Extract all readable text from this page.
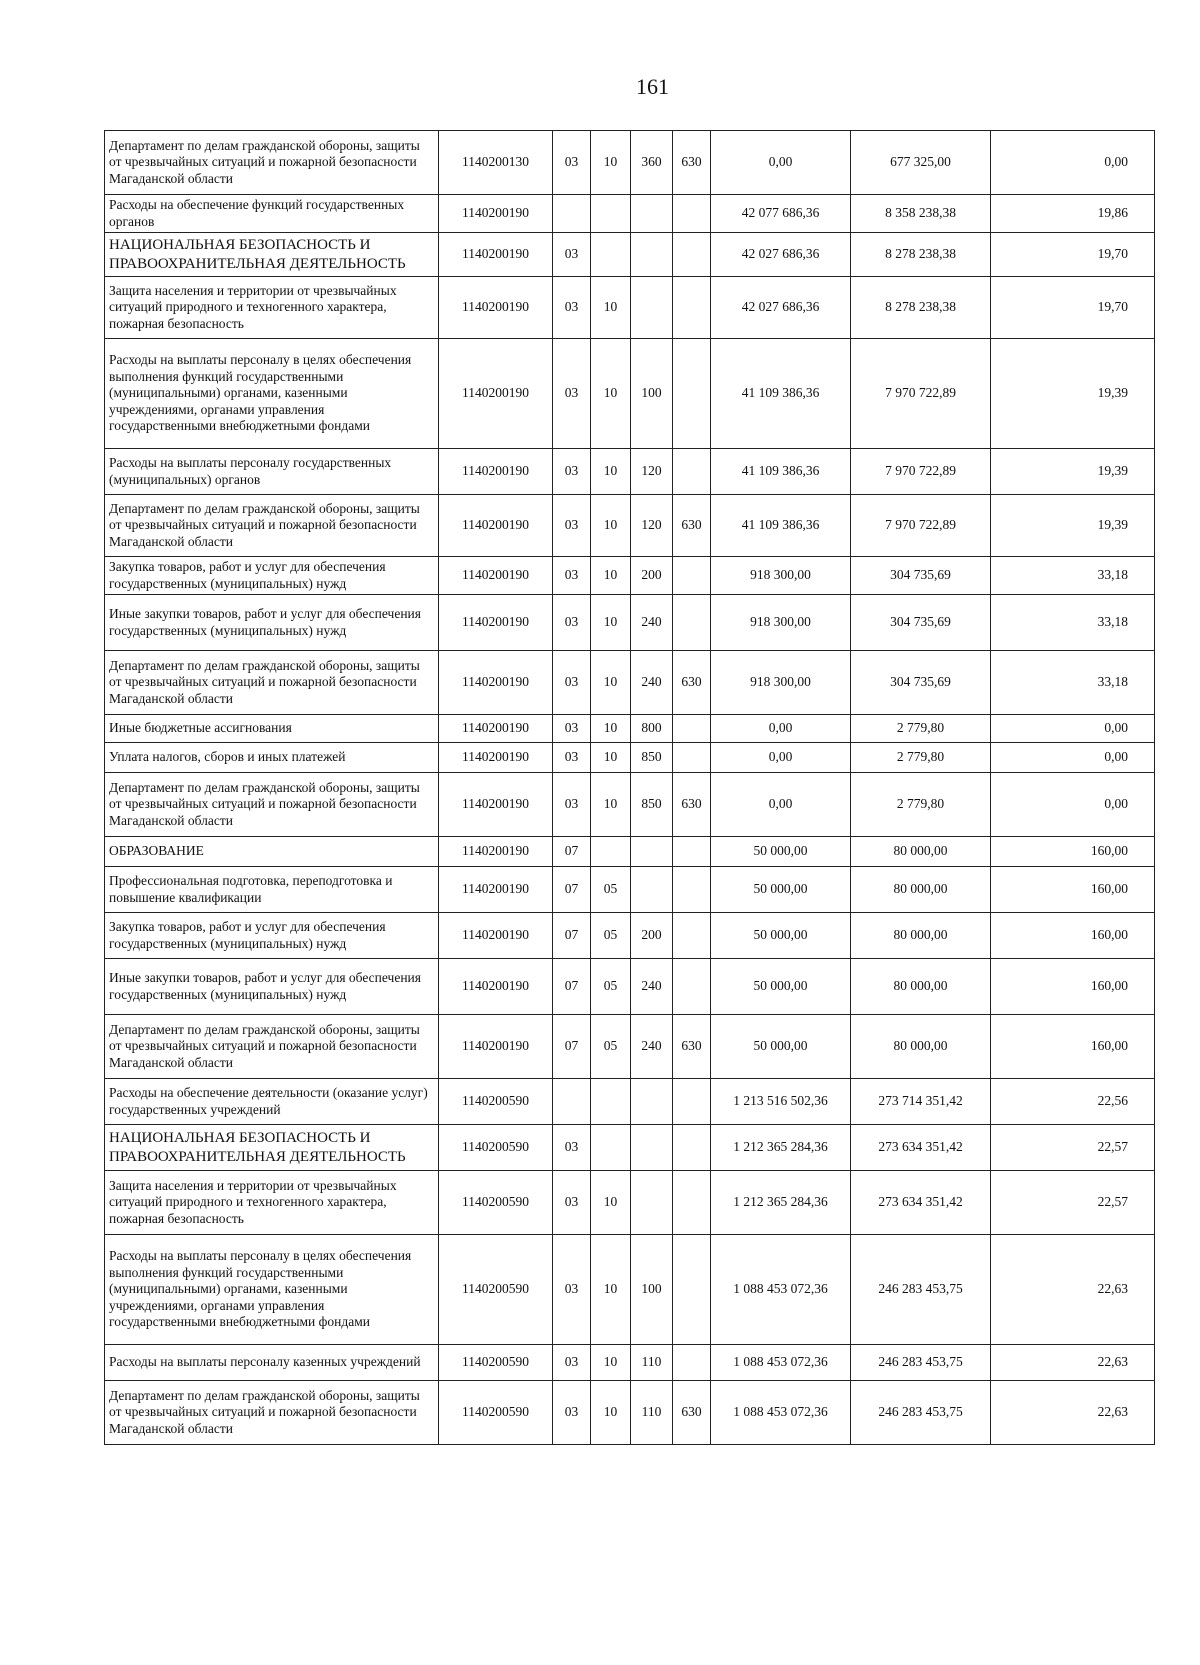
161
Департамент по делам гражданской обороны, защиты от чрезвычайных ситуаций и пожарной безопасности Магаданской области	1140200130	03	10	360	630	0,00	677 325,00	0,00
Расходы на обеспечение функций государственных органов	1140200190					42 077 686,36	8 358 238,38	19,86
НАЦИОНАЛЬНАЯ БЕЗОПАСНОСТЬ И ПРАВООХРАНИТЕЛЬНАЯ ДЕЯТЕЛЬНОСТЬ	1140200190	03				42 027 686,36	8 278 238,38	19,70
Защита населения и территории от чрезвычайных ситуаций природного и техногенного характера, пожарная безопасность	1140200190	03	10			42 027 686,36	8 278 238,38	19,70
Расходы на выплаты персоналу в целях обеспечения выполнения функций государственными (муниципальными) органами, казенными учреждениями, органами управления государственными внебюджетными фондами	1140200190	03	10	100		41 109 386,36	7 970 722,89	19,39
Расходы на выплаты персоналу государственных (муниципальных) органов	1140200190	03	10	120		41 109 386,36	7 970 722,89	19,39
Департамент по делам гражданской обороны, защиты от чрезвычайных ситуаций и пожарной безопасности Магаданской области	1140200190	03	10	120	630	41 109 386,36	7 970 722,89	19,39
Закупка товаров, работ и услуг для обеспечения государственных (муниципальных) нужд	1140200190	03	10	200		918 300,00	304 735,69	33,18
Иные закупки товаров, работ и услуг для обеспечения государственных (муниципальных) нужд	1140200190	03	10	240		918 300,00	304 735,69	33,18
Департамент по делам гражданской обороны, защиты от чрезвычайных ситуаций и пожарной безопасности Магаданской области	1140200190	03	10	240	630	918 300,00	304 735,69	33,18
Иные бюджетные ассигнования	1140200190	03	10	800		0,00	2 779,80	0,00
Уплата налогов, сборов и иных платежей	1140200190	03	10	850		0,00	2 779,80	0,00
Департамент по делам гражданской обороны, защиты от чрезвычайных ситуаций и пожарной безопасности Магаданской области	1140200190	03	10	850	630	0,00	2 779,80	0,00
ОБРАЗОВАНИЕ	1140200190	07				50 000,00	80 000,00	160,00
Профессиональная подготовка, переподготовка и повышение квалификации	1140200190	07	05			50 000,00	80 000,00	160,00
Закупка товаров, работ и услуг для обеспечения государственных (муниципальных) нужд	1140200190	07	05	200		50 000,00	80 000,00	160,00
Иные закупки товаров, работ и услуг для обеспечения государственных (муниципальных) нужд	1140200190	07	05	240		50 000,00	80 000,00	160,00
Департамент по делам гражданской обороны, защиты от чрезвычайных ситуаций и пожарной безопасности Магаданской области	1140200190	07	05	240	630	50 000,00	80 000,00	160,00
Расходы на обеспечение деятельности (оказание услуг) государственных учреждений	1140200590					1 213 516 502,36	273 714 351,42	22,56
НАЦИОНАЛЬНАЯ БЕЗОПАСНОСТЬ И ПРАВООХРАНИТЕЛЬНАЯ ДЕЯТЕЛЬНОСТЬ	1140200590	03				1 212 365 284,36	273 634 351,42	22,57
Защита населения и территории от чрезвычайных ситуаций природного и техногенного характера, пожарная безопасность	1140200590	03	10			1 212 365 284,36	273 634 351,42	22,57
Расходы на выплаты персоналу в целях обеспечения выполнения функций государственными (муниципальными) органами, казенными учреждениями, органами управления государственными внебюджетными фондами	1140200590	03	10	100		1 088 453 072,36	246 283 453,75	22,63
Расходы на выплаты персоналу казенных учреждений	1140200590	03	10	110		1 088 453 072,36	246 283 453,75	22,63
Департамент по делам гражданской обороны, защиты от чрезвычайных ситуаций и пожарной безопасности Магаданской области	1140200590	03	10	110	630	1 088 453 072,36	246 283 453,75	22,63
